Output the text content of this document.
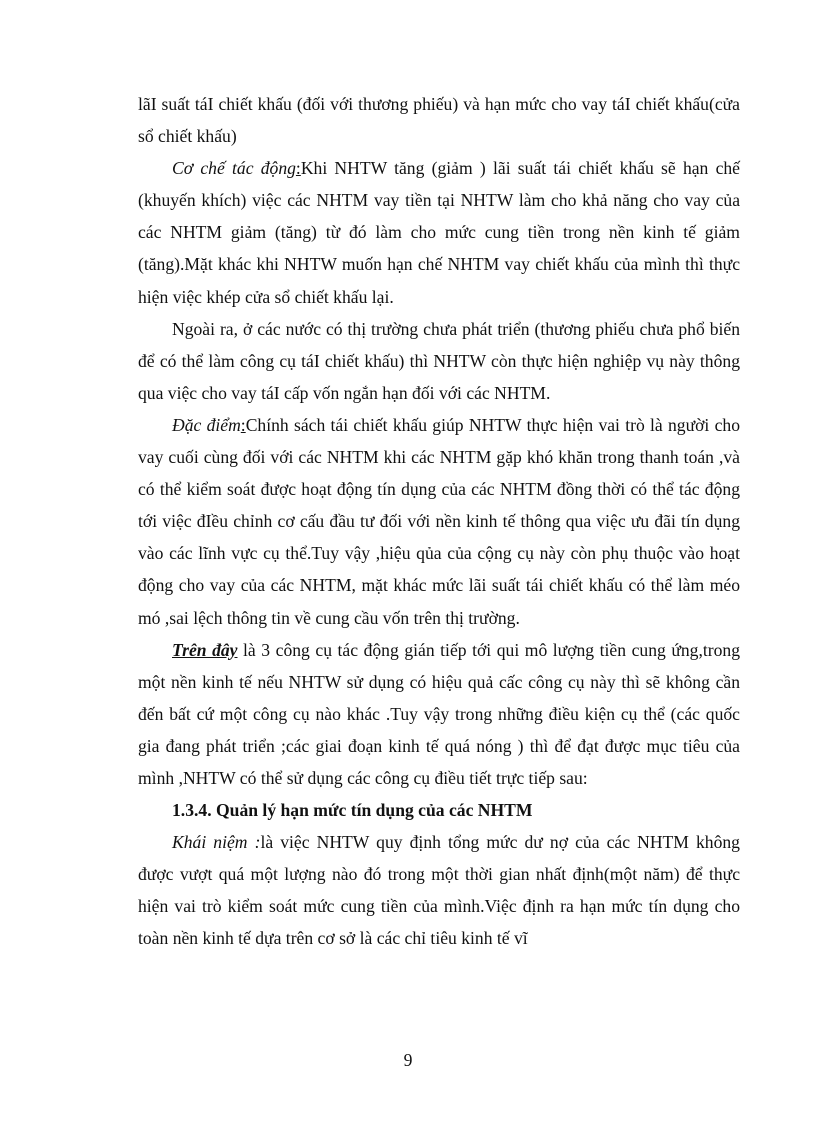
lãI suất táI chiết khấu (đối với thương phiếu) và hạn mức cho vay táI chiết khấu(cửa sổ chiết khấu)

Cơ chế tác động:Khi NHTW tăng (giảm ) lãi suất tái chiết khấu sẽ hạn chế (khuyến khích) việc các NHTM vay tiền tại NHTW làm cho khả năng cho vay của các NHTM giảm (tăng) từ đó làm cho mức cung tiền trong nền kinh tế giảm (tăng).Mặt khác khi NHTW muốn hạn chế NHTM vay chiết khấu của mình thì thực hiện việc khép cửa sổ chiết khấu lại.

Ngoài ra, ở các nước có thị trường chưa phát triển (thương phiếu chưa phổ biến để có thể làm công cụ táI chiết khấu) thì NHTW còn thực hiện nghiệp vụ này thông qua việc cho vay táI cấp vốn ngắn hạn đối với các NHTM.

Đặc điểm:Chính sách tái chiết khấu giúp NHTW thực hiện vai trò là người cho vay cuối cùng đối với các NHTM khi các NHTM gặp khó khăn trong thanh toán ,và có thể kiểm soát được hoạt động tín dụng của các NHTM đồng thời có thể tác động tới việc đIều chỉnh cơ cấu đầu tư đối với nền kinh tế thông qua việc ưu đãi tín dụng vào các lĩnh vực cụ thể.Tuy vậy ,hiệu qủa của cộng cụ này còn phụ thuộc vào hoạt động cho vay của các NHTM, mặt khác mức lãi suất tái chiết khấu có thể làm méo mó ,sai lệch thông tin về cung cầu vốn trên thị trường.

Trên đây là 3 công cụ tác động gián tiếp tới qui mô lượng tiền cung ứng,trong một nền kinh tế nếu NHTW sử dụng có hiệu quả cấc công cụ này thì sẽ không cần đến bất cứ một công cụ nào khác .Tuy vậy trong những điều kiện cụ thể (các quốc gia đang phát triển ;các giai đoạn kinh tế quá nóng ) thì để đạt được mục tiêu của mình ,NHTW có thể sử dụng các công cụ điều tiết trực tiếp sau:

1.3.4. Quản lý hạn mức tín dụng của các NHTM

Khái niệm :là việc NHTW quy định tổng mức dư nợ của các NHTM không được vượt quá một lượng nào đó trong một thời gian nhất định(một năm) để thực hiện vai trò kiểm soát mức cung tiền của mình.Việc định ra hạn mức tín dụng cho toàn nền kinh tế dựa trên cơ sở là các chỉ tiêu kinh tế vĩ

9
